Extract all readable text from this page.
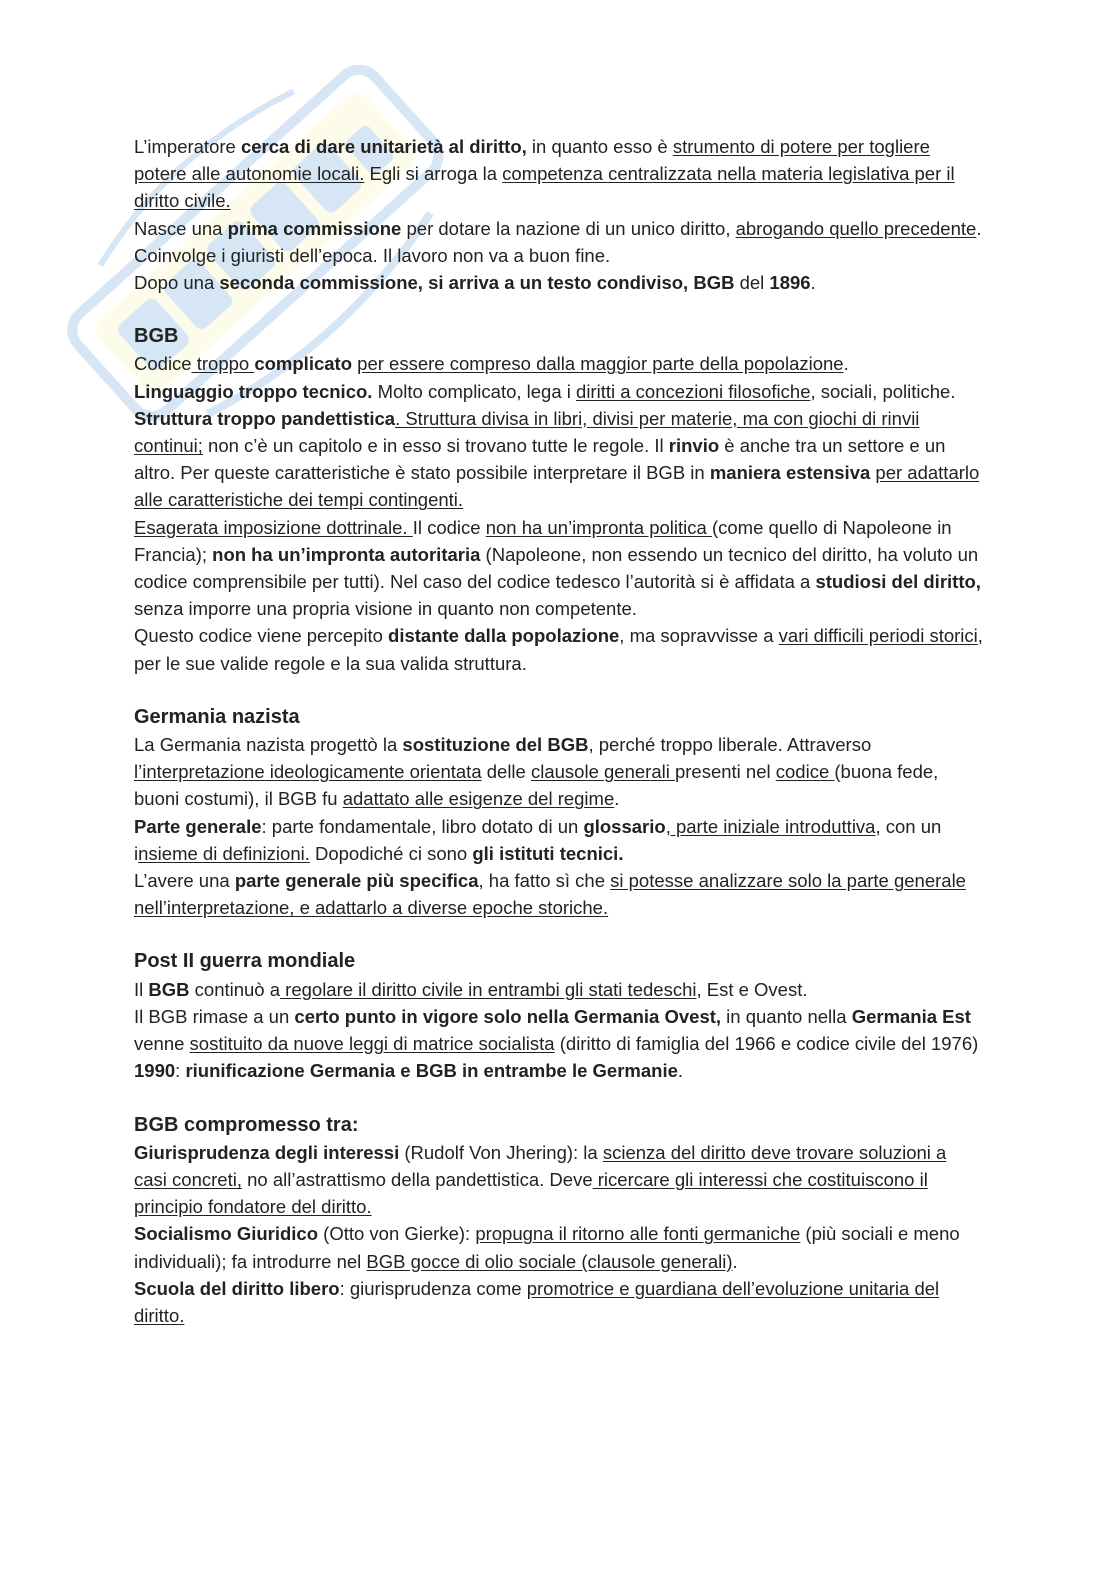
L’imperatore cerca di dare unitarietà al diritto, in quanto esso è strumento di potere per togliere potere alle autonomie locali. Egli si arroga la competenza centralizzata nella materia legislativa per il diritto civile.

Nasce una prima commissione per dotare la nazione di un unico diritto, abrogando quello precedente. Coinvolge i giuristi dell’epoca. Il lavoro non va a buon fine.

Dopo una seconda commissione, si arriva a un testo condiviso, BGB del 1896.

BGB

Codice troppo complicato per essere compreso dalla maggior parte della popolazione.

Linguaggio troppo tecnico. Molto complicato, lega i diritti a concezioni filosofiche, sociali, politiche.

Struttura troppo pandettistica. Struttura divisa in libri, divisi per materie, ma con giochi di rinvii continui; non c’è un capitolo e in esso si trovano tutte le regole. Il rinvio è anche tra un settore e un altro. Per queste caratteristiche è stato possibile interpretare il BGB in maniera estensiva per adattarlo alle caratteristiche dei tempi contingenti.

Esagerata imposizione dottrinale. Il codice non ha un’impronta politica (come quello di Napoleone in Francia); non ha un’impronta autoritaria (Napoleone, non essendo un tecnico del diritto, ha voluto un codice comprensibile per tutti). Nel caso del codice tedesco l’autorità si è affidata a studiosi del diritto, senza imporre una propria visione in quanto non competente.

Questo codice viene percepito distante dalla popolazione, ma sopravvisse a vari difficili periodi storici, per le sue valide regole e la sua valida struttura.

Germania nazista

La Germania nazista progettò la sostituzione del BGB, perché troppo liberale. Attraverso l’interpretazione ideologicamente orientata delle clausole generali presenti nel codice (buona fede, buoni costumi), il BGB fu adattato alle esigenze del regime.

Parte generale: parte fondamentale, libro dotato di un glossario, parte iniziale introduttiva, con un insieme di definizioni. Dopodiché ci sono gli istituti tecnici.

L’avere una parte generale più specifica, ha fatto sì che si potesse analizzare solo la parte generale nell’interpretazione, e adattarlo a diverse epoche storiche.

Post II guerra mondiale

Il BGB continuò a regolare il diritto civile in entrambi gli stati tedeschi, Est e Ovest.

Il BGB rimase a un certo punto in vigore solo nella Germania Ovest, in quanto nella Germania Est venne sostituito da nuove leggi di matrice socialista (diritto di famiglia del 1966 e codice civile del 1976)

1990: riunificazione Germania e BGB in entrambe le Germanie.

BGB compromesso tra:

Giurisprudenza degli interessi (Rudolf Von Jhering): la scienza del diritto deve trovare soluzioni a casi concreti, no all’astrattismo della pandettistica. Deve ricercare gli interessi che costituiscono il principio fondatore del diritto.

Socialismo Giuridico (Otto von Gierke): propugna il ritorno alle fonti germaniche (più sociali e meno individuali); fa introdurre nel BGB gocce di olio sociale (clausole generali).

Scuola del diritto libero: giurisprudenza come promotrice e guardiana dell’evoluzione unitaria del diritto.
